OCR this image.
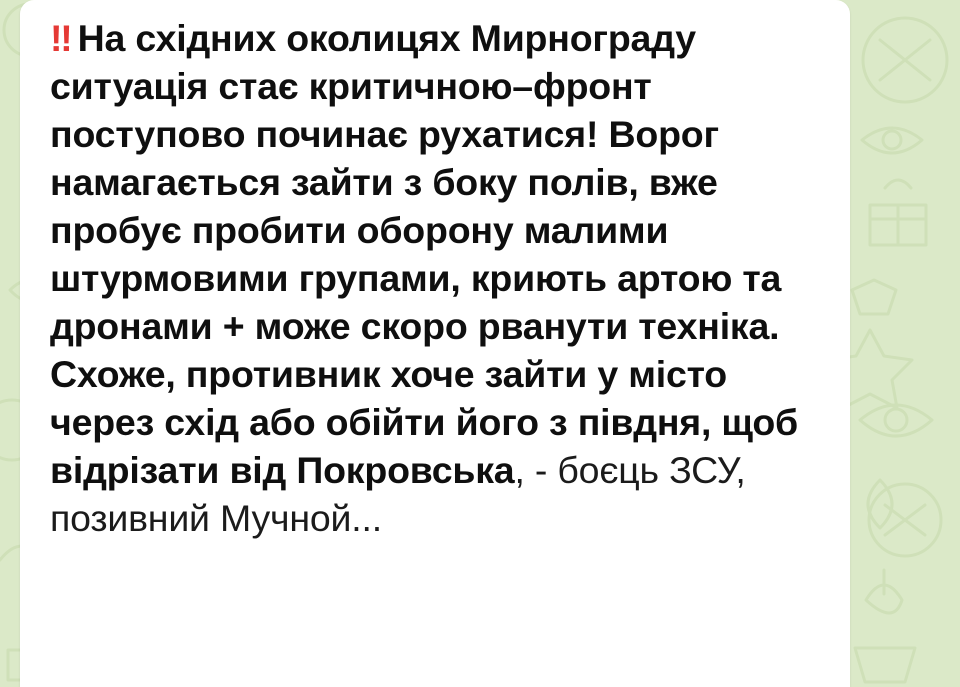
‼ На східних околицях Мирнограду ситуація стає критичною–фронт поступово починає рухатися! Ворог намагається зайти з боку полів, вже пробує пробити оборону малими штурмовими групами, криють артою та дронами + може скоро рванути техніка. Схоже, противник хоче зайти у місто через схід або обійти його з півдня, щоб відрізати від Покровська, - боєць ЗСУ, позивний Мучной...
